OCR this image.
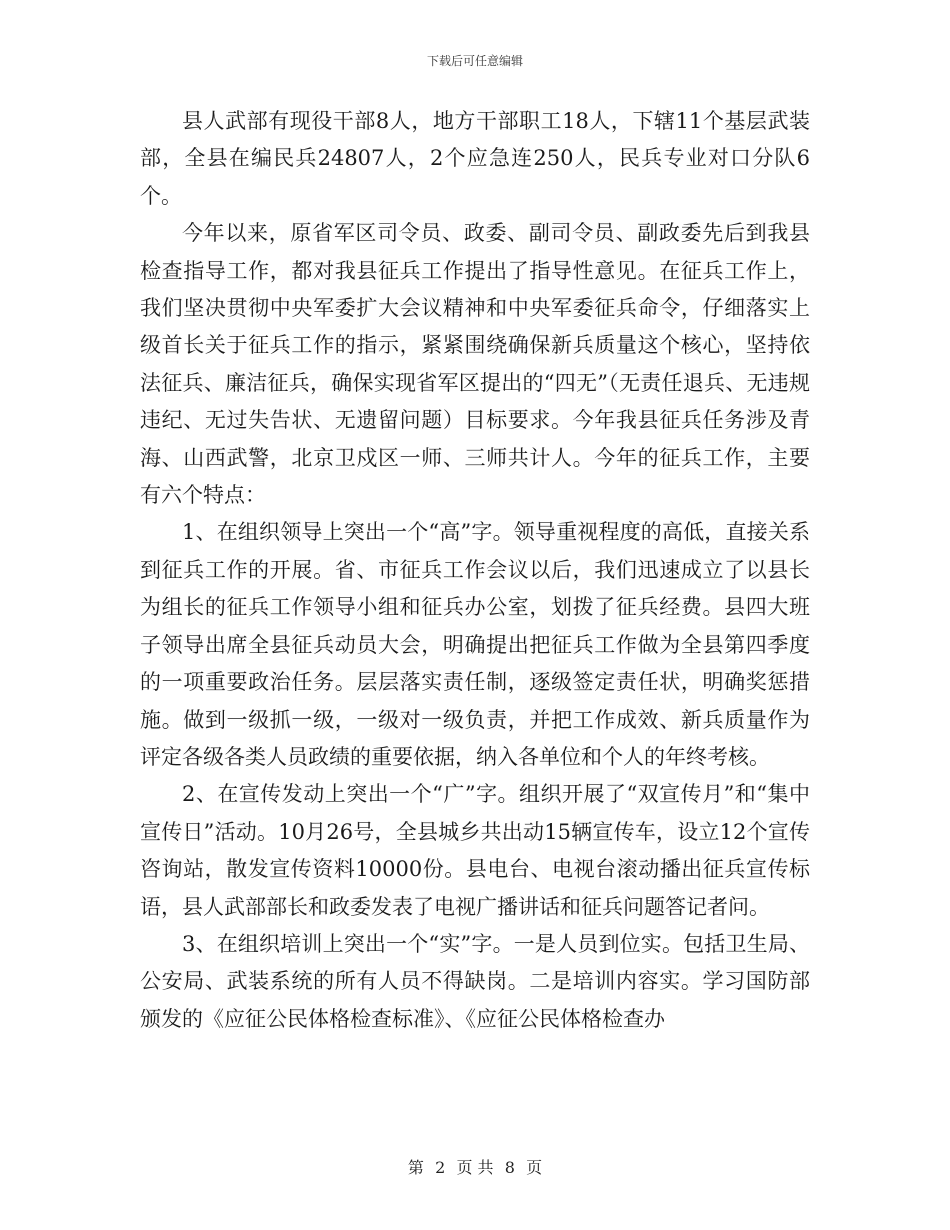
下载后可任意编辑

县人武部有现役干部8人，地方干部职工18人，下辖11个基层武装部，全县在编民兵24807人，2个应急连250人，民兵专业对口分队6个。

今年以来，原省军区司令员、政委、副司令员、副政委先后到我县检查指导工作，都对我县征兵工作提出了指导性意见。在征兵工作上，我们坚决贯彻中央军委扩大会议精神和中央军委征兵命令，仔细落实上级首长关于征兵工作的指示，紧紧围绕确保新兵质量这个核心，坚持依法征兵、廉洁征兵，确保实现省军区提出的“四无”（无责任退兵、无违规违纪、无过失告状、无遗留问题）目标要求。今年我县征兵任务涉及青海、山西武警，北京卫戍区一师、三师共计人。今年的征兵工作，主要有六个特点：

1、在组织领导上突出一个“高”字。领导重视程度的高低，直接关系到征兵工作的开展。省、市征兵工作会议以后，我们迅速成立了以县长为组长的征兵工作领导小组和征兵办公室，划拨了征兵经费。县四大班子领导出席全县征兵动员大会，明确提出把征兵工作做为全县第四季度的一项重要政治任务。层层落实责任制，逐级签定责任状，明确奖惩措施。做到一级抓一级，一级对一级负责，并把工作成效、新兵质量作为评定各级各类人员政绩的重要依据，纳入各单位和个人的年终考核。

2、在宣传发动上突出一个“广”字。组织开展了“双宣传月”和“集中宣传日”活动。10月26号，全县城乡共出动15辆宣传车，设立12个宣传咨询站，散发宣传资料10000份。县电台、电视台滚动播出征兵宣传标语，县人武部部长和政委发表了电视广播讲话和征兵问题答记者问。

3、在组织培训上突出一个“实”字。一是人员到位实。包括卫生局、公安局、武装系统的所有人员不得缺岗。二是培训内容实。学习国防部颁发的《应征公民体格检查标准》、《应征公民体格检查办

第 2 页 共 8 页
